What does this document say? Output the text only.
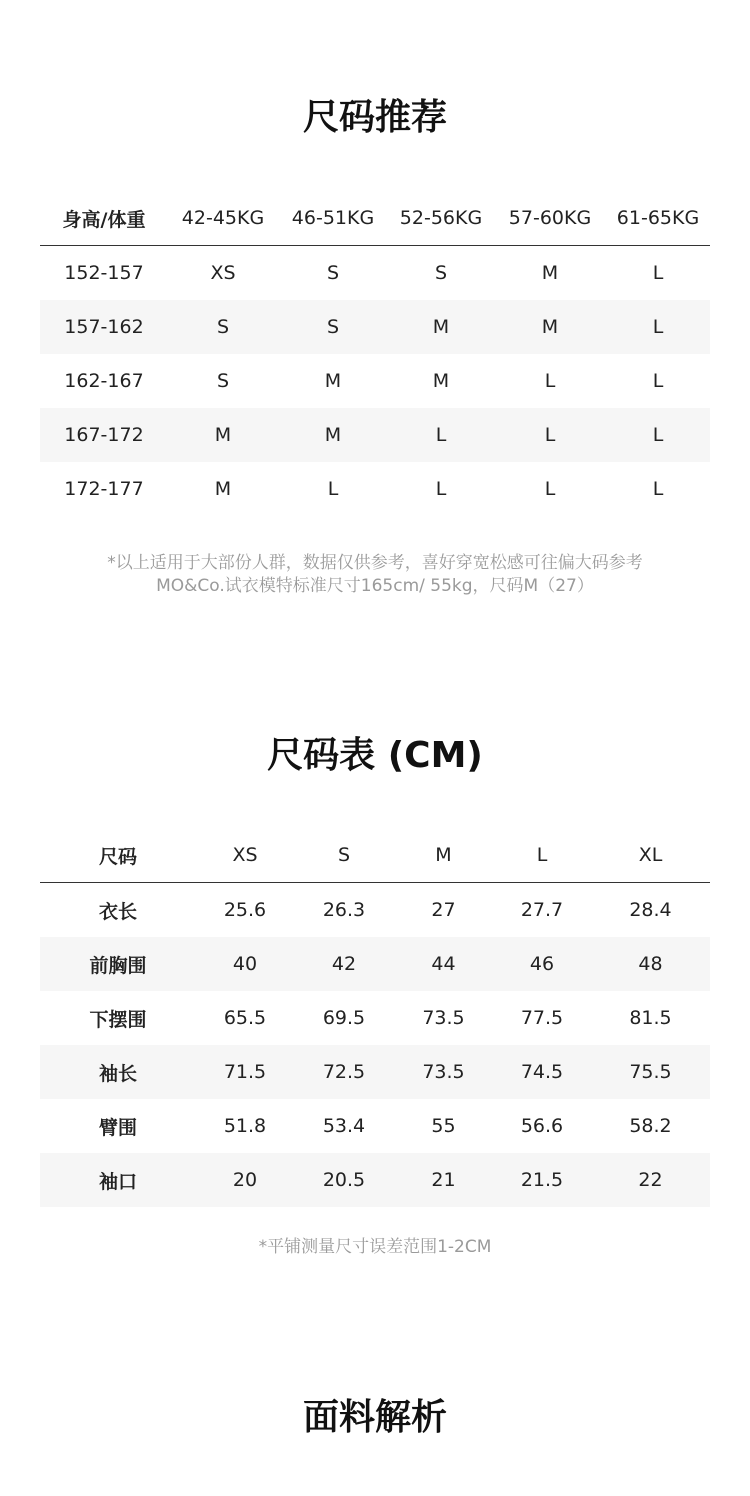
尺码推荐
身高/体重	42-45KG	46-51KG	52-56KG	57-60KG	61-65KG
152-157	XS	S	S	M	L
157-162	S	S	M	M	L
162-167	S	M	M	L	L
167-172	M	M	L	L	L
172-177	M	L	L	L	L
*以上适用于大部份人群，数据仅供参考，喜好穿宽松感可往偏大码参考
MO&Co.试衣模特标准尺寸165cm/ 55kg，尺码M（27）
尺码表 (CM)
尺码	XS	S	M	L	XL
衣长	25.6	26.3	27	27.7	28.4
前胸围	40	42	44	46	48
下摆围	65.5	69.5	73.5	77.5	81.5
袖长	71.5	72.5	73.5	74.5	75.5
臂围	51.8	53.4	55	56.6	58.2
袖口	20	20.5	21	21.5	22
*平铺测量尺寸误差范围1-2CM
面料解析
